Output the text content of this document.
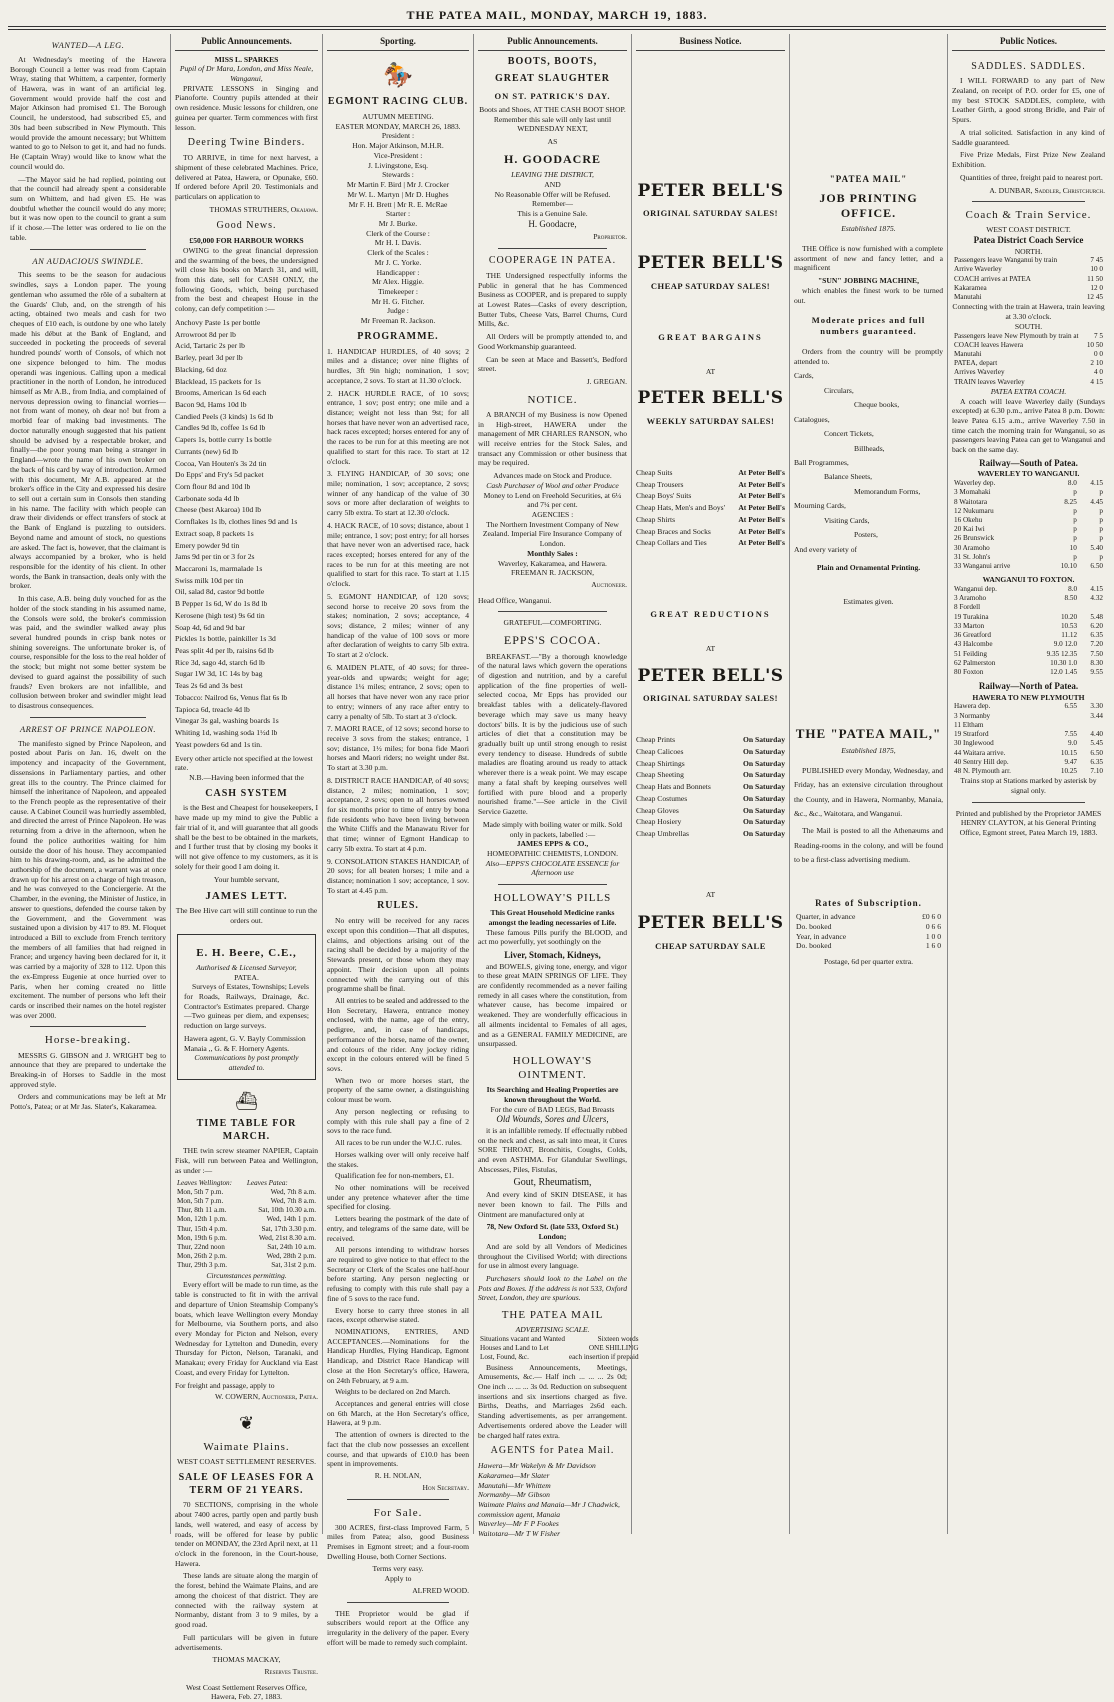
THE PATEA MAIL, MONDAY, MARCH 19, 1883.
WANTED—A LEG.

At Wednesday's meeting of the Hawera Borough Council a letter was read from Captain Wray, stating that Whittem, a carpenter, formerly of Hawera, was in want of an artificial leg. Government would provide half the cost and Major Atkinson had promised £1. The Borough Council, he understood, had subscribed £5, and 30s had been subscribed in New Plymouth. This would provide the amount necessary; but Whittem wanted to go to Nelson to get it, and had no funds. He (Captain Wray) would like to know what the council would do.

—The Mayor said he had replied, pointing out that the council had already spent a considerable sum on Whittem, and had given £5. He was doubtful whether the council would do any more; but it was now open to the council to grant a sum if it chose.—The letter was ordered to lie on the table.

AN AUDACIOUS SWINDLE.

This seems to be the season for audacious swindles, says a London paper. The young gentleman who assumed the rôle of a subaltern at the Guards' Club, and, on the strength of his acting, obtained two meals and cash for two cheques of £10 each, is outdone by one who lately made his début at the Bank of England, and succeeded in pocketing the proceeds of several hundred pounds' worth of Consols, of which not one sixpence belonged to him. The modus operandi was ingenious. Calling upon a medical practitioner in the north of London, he introduced himself as Mr A.B., from India, and complained of nervous depression owing to financial worries—not from want of money, oh dear no! but from a morbid fear of making bad investments. The doctor naturally enough suggested that his patient should be advised by a respectable broker, and finally—the poor young man being a stranger in England—wrote the name of his own broker on the back of his card by way of introduction. Armed with this document, Mr A.B. appeared at the broker's office in the City and expressed his desire to sell out a certain sum in Consols then standing in his name. The facility with which people can draw their dividends or effect transfers of stock at the Bank of England is puzzling to outsiders. Beyond name and amount of stock, no questions are asked. The fact is, however, that the claimant is always accompanied by a broker, who is held responsible for the identity of his client. In other words, the Bank in transaction, deals only with the broker.

In this case, A.B. being duly vouched for as the holder of the stock standing in his assumed name, the Consols were sold, the broker's commission was paid, and the swindler walked away plus several hundred pounds in crisp bank notes or shining sovereigns. The unfortunate broker is, of course, responsible for the loss to the real holder of the stock; but might not some better system be devised to guard against the possibility of such frauds? Even brokers are not infallible, and collusion between broker and swindler might lead to disastrous consequences.

ARREST OF PRINCE NAPOLEON.

The manifesto signed by Prince Napoleon, and posted about Paris on Jan. 16, dwelt on the impotency and incapacity of the Government, dissensions in Parliamentary parties, and other great ills to the country. The Prince claimed for himself the inheritance of Napoleon, and appealed to the French people as the representative of their cause. A Cabinet Council was hurriedly assembled, and directed the arrest of Prince Napoleon. He was returning from a drive in the afternoon, when he found the police authorities waiting for him outside the door of his house. They accompanied him to his drawing-room, and, as he admitted the authorship of the document, a warrant was at once drawn up for his arrest on a charge of high treason, and he was conveyed to the Conciergerie. At the Chamber, in the evening, the Minister of Justice, in answer to questions, defended the course taken by the Government, and the Government was sustained upon a division by 417 to 89. M. Floquet introduced a Bill to exclude from French territory the members of all families that had reigned in France; and urgency having been declared for it, it was carried by a majority of 328 to 112. Upon this the ex-Empress Eugenie at once hurried over to Paris, when her coming created no little excitement. The number of persons who left their cards or inscribed their names on the hotel register was over 2000.

Horse-breaking.

MESSRS G. GIBSON and J. WRIGHT beg to announce that they are prepared to undertake the Breaking-in of Horses to Saddle in the most approved style.

Orders and communications may be left at Mr Potto's, Patea; or at Mr Jas. Slater's, Kakaramea.

Public Announcements.
MISS L. SPARKES
Pupil of Dr Mara, London, and Miss Neale, Wanganui,

PRIVATE LESSONS in Singing and Pianoforte. Country pupils attended at their own residence. Music lessons for children, one guinea per quarter. Term commences with first lesson.

Deering Twine Binders.

TO ARRIVE, in time for next harvest, a shipment of these celebrated Machines. Price, delivered at Patea, Hawera, or Opunake, £60. If ordered before April 20. Testimonials and particulars on application to

THOMAS STRUTHERS, Okaiawa.
Good News.
£50,000 FOR HARBOUR WORKS

OWING to the great financial depression and the swarming of the bees, the undersigned will close his books on March 31, and will, from this date, sell for CASH ONLY, the following Goods, which, being purchased from the best and cheapest House in the colony, can defy competition :—

Anchovy Paste 1s per bottle
Arrowroot 8d per lb
Acid, Tartaric 2s per lb
Barley, pearl 3d per lb
Blacking, 6d doz
Blacklead, 15 packets for 1s
Brooms, American 1s 6d each
Bacon 9d, Hams 10d lb
Candied Peels (3 kinds) 1s 6d lb
Candles 9d lb, coffee 1s 6d lb
Capers 1s, bottle curry 1s bottle
Currants (new) 6d lb
Cocoa, Van Houten's 3s 2d tin
Do Epps' and Fry's 5d packet
Corn flour 8d and 10d lb
Carbonate soda 4d lb
Cheese (best Akaroa) 10d lb
Cornflakes 1s lb, clothes lines 9d and 1s
Extract soap, 8 packets 1s
Emery powder 9d tin
Jams 9d per tin or 3 for 2s
Maccaroni 1s, marmalade 1s
Swiss milk 10d per tin
Oil, salad 8d, castor 9d bottle
B Pepper 1s 6d, W do 1s 8d lb
Kerosene (high test) 9s 6d tin
Soap 4d, 6d and 9d bar
Pickles 1s bottle, painkiller 1s 3d
Peas split 4d per lb, raisins 6d lb
Rice 3d, sago 4d, starch 6d lb
Sugar 1W 3d, 1C 14s by bag
Teas 2s 6d and 3s best
Tobacco: Nailrod 6s, Venus flat 6s lb
Tapioca 6d, treacle 4d lb
Vinegar 3s gal, washing boards 1s
Whiting 1d, washing soda 1½d lb
Yeast powders 6d and 1s tin.
Every other article not specified at the lowest rate.
N.B.—Having been informed that the
CASH SYSTEM

is the Best and Cheapest for housekeepers, I have made up my mind to give the Public a fair trial of it, and will guarantee that all goods shall be the best to be obtained in the markets, and I further trust that by closing my books it will not give offence to my customers, as it is solely for their good I am doing it.

Your humble servant,
JAMES LETT.
The Bee Hive cart will still continue to run the orders out.
E. H. Beere, C.E.,
Authorised & Licensed Surveyor,
PATEA.

Surveys of Estates, Townships; Levels for Roads, Railways, Drainage, &c. Contractor's Estimates prepared. Charge—Two guineas per diem, and expenses; reduction on large surveys.

Hawera agent, G. V. Bayly Commission Manaia ,, G. & F. Hornery Agents.
Communications by post promptly attended to.
⛴
TIME TABLE FOR MARCH.

THE twin screw steamer NAPIER, Captain Fisk, will run between Patea and Wellington, as under :—

Leaves Wellington:	Leaves Patea:
Mon, 5th 7 p.m.	Wed, 7th 8 a.m.
Mon, 5th 7 p.m.	Wed, 7th 8 a.m.
Thur, 8th 11 a.m.	Sat, 10th 10.30 a.m.
Mon, 12th 1 p.m.	Wed, 14th 1 p.m.
Thur, 15th 4 p.m.	Sat, 17th 3.30 p.m.
Mon, 19th 6 p.m.	Wed, 21st 8.30 a.m.
Thur, 22nd noon	Sat, 24th 10 a.m.
Mon, 26th 2 p.m.	Wed, 28th 2 p.m.
Thur, 29th 3 p.m.	Sat, 31st 2 p.m.
Circumstances permitting.

Every effort will be made to run time, as the table is constructed to fit in with the arrival and departure of Union Steamship Company's boats, which leave Wellington every Monday for Melbourne, via Southern ports, and also every Monday for Picton and Nelson, every Wednesday for Lyttelton and Dunedin, every Thursday for Picton, Nelson, Taranaki, and Manakau; every Friday for Auckland via East Coast, and every Friday for Lyttelton.

For freight and passage, apply to
W. COWERN, Auctioneer, Patea.
❦
Waimate Plains.
WEST COAST SETTLEMENT RESERVES.
SALE OF LEASES FOR A TERM OF 21 YEARS.

70 SECTIONS, comprising in the whole about 7400 acres, partly open and partly bush lands, well watered, and easy of access by roads, will be offered for lease by public tender on MONDAY, the 23rd April next, at 11 o'clock in the forenoon, in the Court-house, Hawera.

These lands are situate along the margin of the forest, behind the Waimate Plains, and are among the choicest of that district. They are connected with the railway system at Normanby, distant from 3 to 9 miles, by a good road.

Full particulars will be given in future advertisements.

THOMAS MACKAY,
Reserves Trustee.
West Coast Settlement Reserves Office, Hawera, Feb. 27, 1883.
Sporting.
🏇
EGMONT RACING CLUB.
AUTUMN MEETING.
EASTER MONDAY, MARCH 26, 1883.
President :
Hon. Major Atkinson, M.H.R.
Vice-President :
J. Livingstone, Esq.
Stewards :
Mr Martin F. Bird | Mr J. Crocker
Mr W. L. Martyn | Mr D. Hughes
Mr F. H. Brett | Mr R. E. McRae
Starter :
Mr J. Burke.
Clerk of the Course :
Mr H. I. Davis.
Clerk of the Scales :
Mr J. C. Yorke.
Handicapper :
Mr Alex. Higgie.
Timekeeper :
Mr H. G. Fitcher.
Judge :
Mr Freeman R. Jackson.
PROGRAMME.
1. HANDICAP HURDLES, of 40 sovs; 2 miles and a distance; over nine flights of hurdles, 3ft 9in high; nomination, 1 sov; acceptance, 2 sovs. To start at 11.30 o'clock.
2. HACK HURDLE RACE, of 10 sovs; entrance, 1 sov; post entry; one mile and a distance; weight not less than 9st; for all horses that have never won an advertised race, hack races excepted; horses entered for any of the races to be run for at this meeting are not qualified to start for this race. To start at 12 o'clock.
3. FLYING HANDICAP, of 30 sovs; one mile; nomination, 1 sov; acceptance, 2 sovs; winner of any handicap of the value of 30 sovs or more after declaration of weights to carry 5lb extra. To start at 12.30 o'clock.
4. HACK RACE, of 10 sovs; distance, about 1 mile; entrance, 1 sov; post entry; for all horses that have never won an advertised race, hack races excepted; horses entered for any of the races to be run for at this meeting are not qualified to start for this race. To start at 1.15 o'clock.
5. EGMONT HANDICAP, of 120 sovs; second horse to receive 20 sovs from the stakes; nomination, 2 sovs; acceptance, 4 sovs; distance, 2 miles; winner of any handicap of the value of 100 sovs or more after declaration of weights to carry 5lb extra. To start at 2 o'clock.
6. MAIDEN PLATE, of 40 sovs; for three-year-olds and upwards; weight for age; distance 1¼ miles; entrance, 2 sovs; open to all horses that have never won any race prior to entry; winners of any race after entry to carry a penalty of 5lb. To start at 3 o'clock.
7. MAORI RACE, of 12 sovs; second horse to receive 3 sovs from the stakes; entrance, 1 sov; distance, 1½ miles; for bona fide Maori horses and Maori riders; no weight under 8st. To start at 3.30 p.m.
8. DISTRICT RACE HANDICAP, of 40 sovs; distance, 2 miles; nomination, 1 sov; acceptance, 2 sovs; open to all horses owned for six months prior to time of entry by bona fide residents who have been living between the White Cliffs and the Manawatu River for that time; winner of Egmont Handicap to carry 5lb extra. To start at 4 p.m.
9. CONSOLATION STAKES HANDICAP, of 20 sovs; for all beaten horses; 1 mile and a distance; nomination 1 sov; acceptance, 1 sov. To start at 4.45 p.m.
RULES.
No entry will be received for any races except upon this condition—That all disputes, claims, and objections arising out of the racing shall be decided by a majority of the Stewards present, or those whom they may appoint. Their decision upon all points connected with the carrying out of this programme shall be final.
All entries to be sealed and addressed to the Hon Secretary, Hawera, entrance money enclosed, with the name, age of the entry, pedigree, and, in case of handicaps, performance of the horse, name of the owner, and colours of the rider. Any jockey riding except in the colours entered will be fined 5 sovs.
When two or more horses start, the property of the same owner, a distinguishing colour must be worn.
Any person neglecting or refusing to comply with this rule shall pay a fine of 2 sovs to the race fund.
All races to be run under the W.J.C. rules.
Horses walking over will only receive half the stakes.
Qualification fee for non-members, £1.
No other nominations will be received under any pretence whatever after the time specified for closing.
Letters bearing the postmark of the date of entry, and telegrams of the same date, will be received.
All persons intending to withdraw horses are required to give notice to that effect to the Secretary or Clerk of the Scales one half-hour before starting. Any person neglecting or refusing to comply with this rule shall pay a fine of 5 sovs to the race fund.
Every horse to carry three stones in all races, except otherwise stated.
NOMINATIONS, ENTRIES, AND ACCEPTANCES.—Nominations for the Handicap Hurdles, Flying Handicap, Egmont Handicap, and District Race Handicap will close at the Hon Secretary's office, Hawera, on 24th February, at 9 a.m.
Weights to be declared on 2nd March.
Acceptances and general entries will close on 6th March, at the Hon Secretary's office, Hawera, at 9 p.m.
The attention of owners is directed to the fact that the club now possesses an excellent course, and that upwards of £10.0 has been spent in improvements.
R. H. NOLAN,
Hon Secretary.
For Sale.

300 ACRES, first-class Improved Farm, 5 miles from Patea; also, good Business Premises in Egmont street; and a four-room Dwelling House, both Corner Sections.

Terms very easy.
Apply to
ALFRED WOOD.

THE Proprietor would be glad if subscribers would report at the Office any irregularity in the delivery of the paper. Every effort will be made to remedy such complaint.

Public Announcements.
BOOTS, BOOTS,
GREAT SLAUGHTER
ON ST. PATRICK'S DAY.

Boots and Shoes, AT THE CASH BOOT SHOP. Remember this sale will only last until WEDNESDAY NEXT,

AS
H. GOODACRE
LEAVING THE DISTRICT,
AND
No Reasonable Offer will be Refused.
Remember—
This is a Genuine Sale.
H. Goodacre,
Proprietor.
COOPERAGE IN PATEA.

THE Undersigned respectfully informs the Public in general that he has Commenced Business as COOPER, and is prepared to supply at Lowest Rates—Casks of every description, Butter Tubs, Cheese Vats, Barrel Churns, Curd Mills, &c.

All Orders will be promptly attended to, and Good Workmanship guaranteed.

Can be seen at Mace and Bassett's, Bedford street.

J. GREGAN.
NOTICE.

A BRANCH of my Business is now Opened in High-street, HAWERA under the management of MR CHARLES RANSON, who will receive entries for the Stock Sales, and transact any Commission or other business that may be required.

Advances made on Stock and Produce.
Cash Purchaser of Wool and other Produce
Money to Lend on Freehold Securities, at 6¼ and 7¼ per cent.
AGENCIES :
The Northern Investment Company of New Zealand. Imperial Fire Insurance Company of London.
Monthly Sales :
Waverley, Kakaramea, and Hawera.
FREEMAN R. JACKSON,
Auctioneer.
Head Office, Wanganui.
GRATEFUL—COMFORTING.
EPPS'S COCOA.

BREAKFAST.—"By a thorough knowledge of the natural laws which govern the operations of digestion and nutrition, and by a careful application of the fine properties of well-selected cocoa, Mr Epps has provided our breakfast tables with a delicately-flavored beverage which may save us many heavy doctors' bills. It is by the judicious use of such articles of diet that a constitution may be gradually built up until strong enough to resist every tendency to disease. Hundreds of subtle maladies are floating around us ready to attack wherever there is a weak point. We may escape many a fatal shaft by keeping ourselves well fortified with pure blood and a properly nourished frame."—See article in the Civil Service Gazette.

Made simply with boiling water or milk. Sold only in packets, labelled :—
JAMES EPPS & CO.,
HOMEOPATHIC CHEMISTS, LONDON.
Also—EPPS'S CHOCOLATE ESSENCE for Afternoon use
HOLLOWAY'S PILLS
This Great Household Medicine ranks amongst the leading necessaries of Life.

These famous Pills purify the BLOOD, and act mo powerfully, yet soothingly on the

Liver, Stomach, Kidneys,

and BOWELS, giving tone, energy, and vigor to these great MAIN SPRINGS OF LIFE. They are confidently recommended as a never failing remedy in all cases where the constitution, from whatever cause, has become impaired or weakened. They are wonderfully efficacious in all ailments incidental to Females of all ages, and as a GENERAL FAMILY MEDICINE, are unsurpassed.

HOLLOWAY'S OINTMENT.
Its Searching and Healing Properties are known throughout the World.
For the cure of BAD LEGS, Bad Breasts
Old Wounds, Sores and Ulcers,

it is an infallible remedy. If effectually rubbed on the neck and chest, as salt into meat, it Cures SORE THROAT, Bronchitis, Coughs, Colds, and even ASTHMA. For Glandular Swellings, Abscesses, Piles, Fistulas,

Gout, Rheumatism,

And every kind of SKIN DISEASE, it has never been known to fail. The Pills and Ointment are manufactured only at

78, New Oxford St. (late 533, Oxford St.) London;

And are sold by all Vendors of Medicines throughout the Civilised World; with directions for use in almost every language.

Purchasers should look to the Label on the Pots and Boxes. If the address is not 533, Oxford Street, London, they are spurious.

THE PATEA MAIL
ADVERTISING SCALE.
Situations vacant and Wanted	Sixteen words
Houses and Land to Let	ONE SHILLING
Lost, Found, &c.	each insertion if prepaid

Business Announcements, Meetings, Amusements, &c.— Half inch ... ... ... 2s 0d; One inch ... ... ... 3s 0d. Reduction on subsequent insertions and six insertions charged as five. Births, Deaths, and Marriages 2s6d each. Standing advertisements, as per arrangement. Advertisements ordered above the Leader will be charged half rates extra.

AGENTS for Patea Mail.
Hawera—Mr Wakelyn & Mr Davidson
Kakaramea—Mr Slater
Manutahi—Mr Whittem
Normanby—Mr Gibson
Waimate Plains and Manaia—Mr J Chadwick, commission agent, Manaia
Waverley—Mr F P Fookes
Waitotara—Mr T W Fisher
Business Notice.
PETER BELL'S
ORIGINAL SATURDAY SALES!
PETER BELL'S
CHEAP SATURDAY SALES!
GREAT BARGAINS
AT
PETER BELL'S
WEEKLY SATURDAY SALES!
Cheap Suits	At Peter Bell's
Cheap Trousers	At Peter Bell's
Cheap Boys' Suits	At Peter Bell's
Cheap Hats, Men's and Boys'	At Peter Bell's
Cheap Shirts	At Peter Bell's
Cheap Braces and Socks	At Peter Bell's
Cheap Collars and Ties	At Peter Bell's
GREAT REDUCTIONS
AT
PETER BELL'S
ORIGINAL SATURDAY SALES!
Cheap Prints	On Saturday
Cheap Calicoes	On Saturday
Cheap Shirtings	On Saturday
Cheap Sheeting	On Saturday
Cheap Hats and Bonnets	On Saturday
Cheap Costumes	On Saturday
Cheap Gloves	On Saturday
Cheap Hosiery	On Saturday
Cheap Umbrellas	On Saturday
AT
PETER BELL'S
CHEAP SATURDAY SALE
"PATEA MAIL"
JOB PRINTING OFFICE.
Established 1875.

THE Office is now furnished with a complete assortment of new and fancy letter, and a magnificent

"SUN" JOBBING MACHINE,

which enables the finest work to be turned out.

Moderate prices and full numbers guaranteed.

Orders from the country will be promptly attended to.

Cards,
Circulars,
Cheque books,
Catalogues,
Concert Tickets,
Billheads,
Ball Programmes,
Balance Sheets,
Memorandum Forms,
Mourning Cards,
Visiting Cards,
Posters,
And every variety of
Plain and Ornamental Printing.
Estimates given.
THE "PATEA MAIL,"
Established 1875,

PUBLISHED every Monday, Wednesday, and Friday, has an extensive circulation throughout the County, and in Hawera, Normanby, Manaia, &c., &c., Waitotara, and Wanganui.

The Mail is posted to all the Athenæums and Reading-rooms in the colony, and will be found to be a first-class advertising medium.

Rates of Subscription.
Quarter, in advance	£0 6 0
Do. booked	0 6 6
Year, in advance	1 0 0
Do. booked	1 6 0
Postage, 6d per quarter extra.
Public Notices.
SADDLES. SADDLES.

I WILL FORWARD to any part of New Zealand, on receipt of P.O. order for £5, one of my best STOCK SADDLES, complete, with Leather Girth, a good strong Bridle, and Pair of Spurs.

A trial solicited. Satisfaction in any kind of Saddle guaranteed.

Five Prize Medals, First Prize New Zealand Exhibition.

Quantities of three, freight paid to nearest port.

A. DUNBAR, Saddler, Christchurch.
Coach & Train Service.
WEST COAST DISTRICT.
Patea District Coach Service
NORTH.
Passengers leave Wanganui by train	7 45
Arrive Waverley	10 0
COACH arrives at PATEA	11 50
Kakaramea	12 0
Manutahi	12 45
Connecting with the train at Hawera, train leaving at 3.30 o'clock.
SOUTH.
Passengers leave New Plymouth by train at	7 5
COACH leaves Hawera	10 50
Manutahi	0 0
PATEA, depart	2 10
Arrives Waverley	4 0
TRAIN leaves Waverley	4 15
PATEA EXTRA COACH.

A coach will leave Waverley daily (Sundays excepted) at 6.30 p.m., arrive Patea 8 p.m. Down: leave Patea 6.15 a.m., arrive Waverley 7.50 in time catch the morning train for Wanganui, so as passengers leaving Patea can get to Wanganui and back on the same day.

Railway—South of Patea.
WAVERLEY TO WANGANUI.
Waverley dep.	8.0	4.15
3 Momahaki	p	p
8 Waitotara	8.25	4.45
12 Nukumaru	p	p
16 Okehu	p	p
20 Kai Iwi	p	p
26 Brunswick	p	p
30 Aramoho	10	5.40
31 St. John's	p	p
33 Wanganui arrive	10.10	6.50
WANGANUI TO FOXTON.
Wanganui dep.	8.0	4.15
3 Aramoho	8.50	4.32
8 Fordell		
19 Turakina	10.20	5.48
33 Marton	10.53	6.20
36 Greatford	11.12	6.35
43 Halcombe	9.0 12.0	7.20
51 Feilding	9.35 12.35	7.50
62 Palmerston	10.30 1.0	8.30
80 Foxton	12.0 1.45	9.55
Railway—North of Patea.
HAWERA TO NEW PLYMOUTH
Hawera dep.	6.55	3.30
3 Normanby		3.44
11 Eltham		
19 Stratford	7.55	4.40
30 Inglewood	9.0	5.45
44 Waitara arrive.	10.15	6.50
40 Sentry Hill dep.	9.47	6.35
48 N. Plymouth arr.	10.25	7.10
Trains stop at Stations marked by asterisk by signal only.
Printed and published by the Proprietor JAMES HENRY CLAYTON, at his General Printing Office, Egmont street, Patea March 19, 1883.
